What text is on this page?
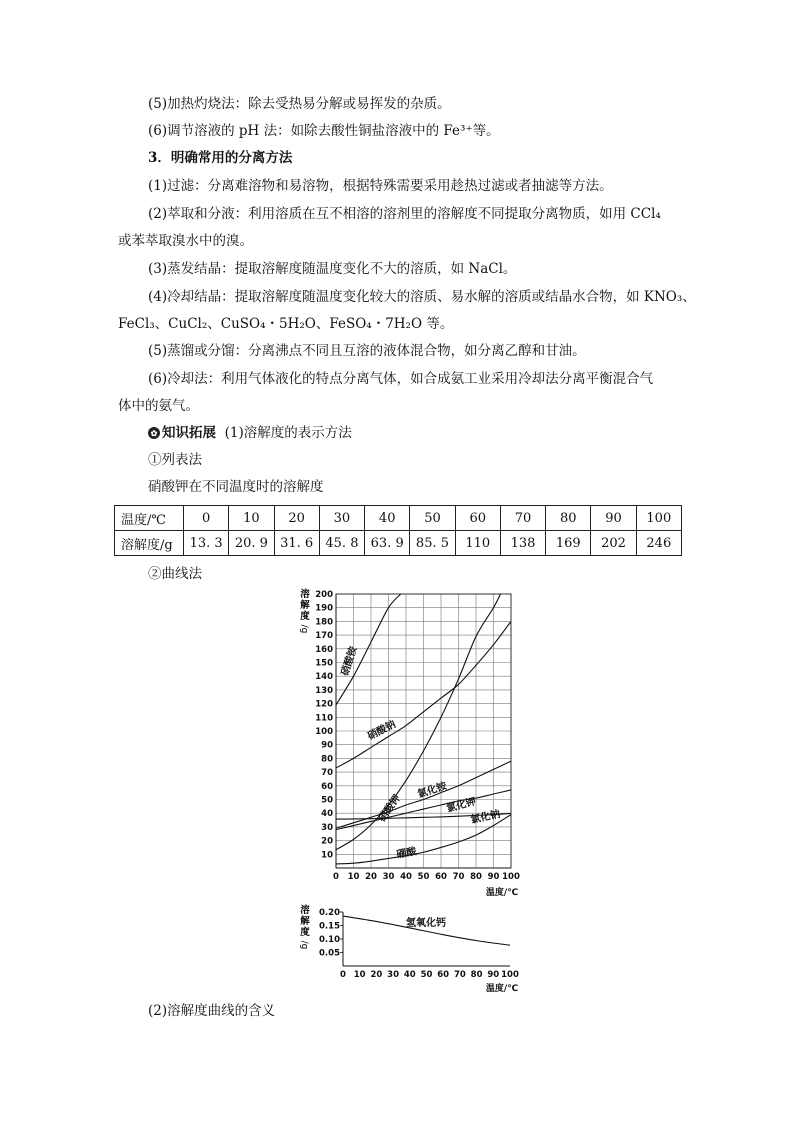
(5)加热灼烧法：除去受热易分解或易挥发的杂质。
(6)调节溶液的 pH 法：如除去酸性铜盐溶液中的 Fe³⁺等。
3．明确常用的分离方法
(1)过滤：分离难溶物和易溶物，根据特殊需要采用趁热过滤或者抽滤等方法。
(2)萃取和分液：利用溶质在互不相溶的溶剂里的溶解度不同提取分离物质，如用 CCl₄
或苯萃取溴水中的溴。
(3)蒸发结晶：提取溶解度随温度变化不大的溶质，如 NaCl。
(4)冷却结晶：提取溶解度随温度变化较大的溶质、易水解的溶质或结晶水合物，如 KNO₃、
FeCl₃、CuCl₂、CuSO₄・5H₂O、FeSO₄・7H₂O 等。
(5)蒸馏或分馏：分离沸点不同且互溶的液体混合物，如分离乙醇和甘油。
(6)冷却法：利用气体液化的特点分离气体，如合成氨工业采用冷却法分离平衡混合气
体中的氨气。
✿ 知识拓展 (1)溶解度的表示方法
①列表法
硝酸钾在不同温度时的溶解度
温度/℃	0	10	20	30	40	50	60	70	80	90	100
溶解度/g	13. 3	20. 9	31. 6	45. 8	63. 9	85. 5	110	138	169	202	246
②曲线法
0 10 20 30 40 50 60 70 80 90 100
10
20
30
40
50
60
70
80
90
100
110
120
130
140
150
160
170
180
190
200
溶
解
度
/g
温度/℃
硝酸铵
硝酸钠
硝酸钾
氯化铵
氯化钾
氯化钠
硼酸
0 10 20 30 40 50 60 70 80 90 100
0.05
0.10
0.15
0.20
溶
解
度
/g
温度/℃
氢氧化钙
(2)溶解度曲线的含义
